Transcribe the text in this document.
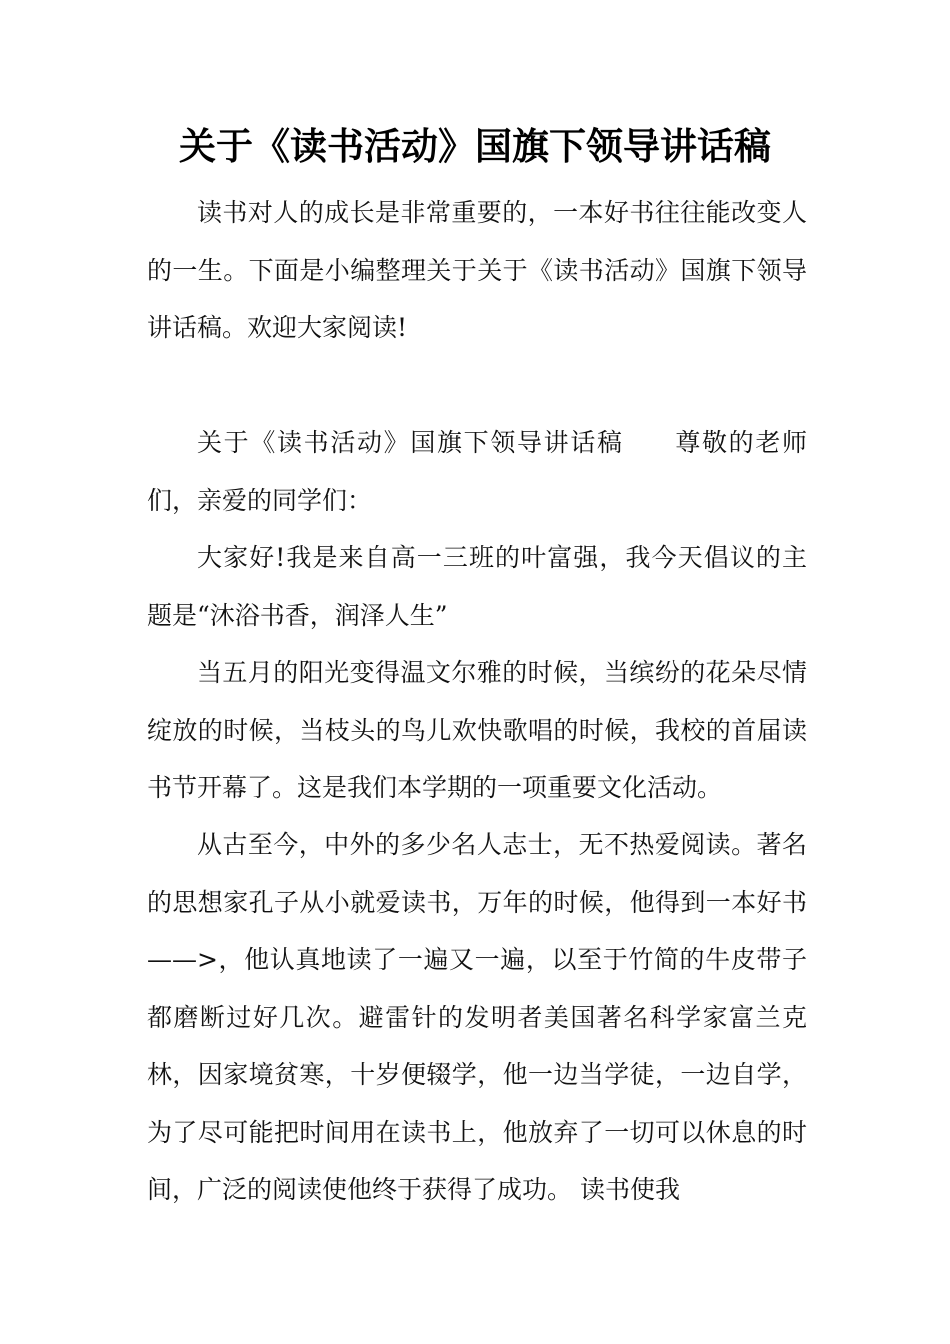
关于《读书活动》国旗下领导讲话稿

读书对人的成长是非常重要的，一本好书往往能改变人的一生。下面是小编整理关于关于《读书活动》国旗下领导讲话稿。欢迎大家阅读!

关于《读书活动》国旗下领导讲话稿 尊敬的老师们，亲爱的同学们：

大家好!我是来自高一三班的叶富强，我今天倡议的主题是“沐浴书香，润泽人生”

当五月的阳光变得温文尔雅的时候，当缤纷的花朵尽情绽放的时候，当枝头的鸟儿欢快歌唱的时候，我校的首届读书节开幕了。这是我们本学期的一项重要文化活动。

从古至今，中外的多少名人志士，无不热爱阅读。著名的思想家孔子从小就爱读书，万年的时候，他得到一本好书——>，他认真地读了一遍又一遍，以至于竹简的牛皮带子都磨断过好几次。避雷针的发明者美国著名科学家富兰克林，因家境贫寒，十岁便辍学，他一边当学徒，一边自学，为了尽可能把时间用在读书上，他放弃了一切可以休息的时间，广泛的阅读使他终于获得了成功。 读书使我
